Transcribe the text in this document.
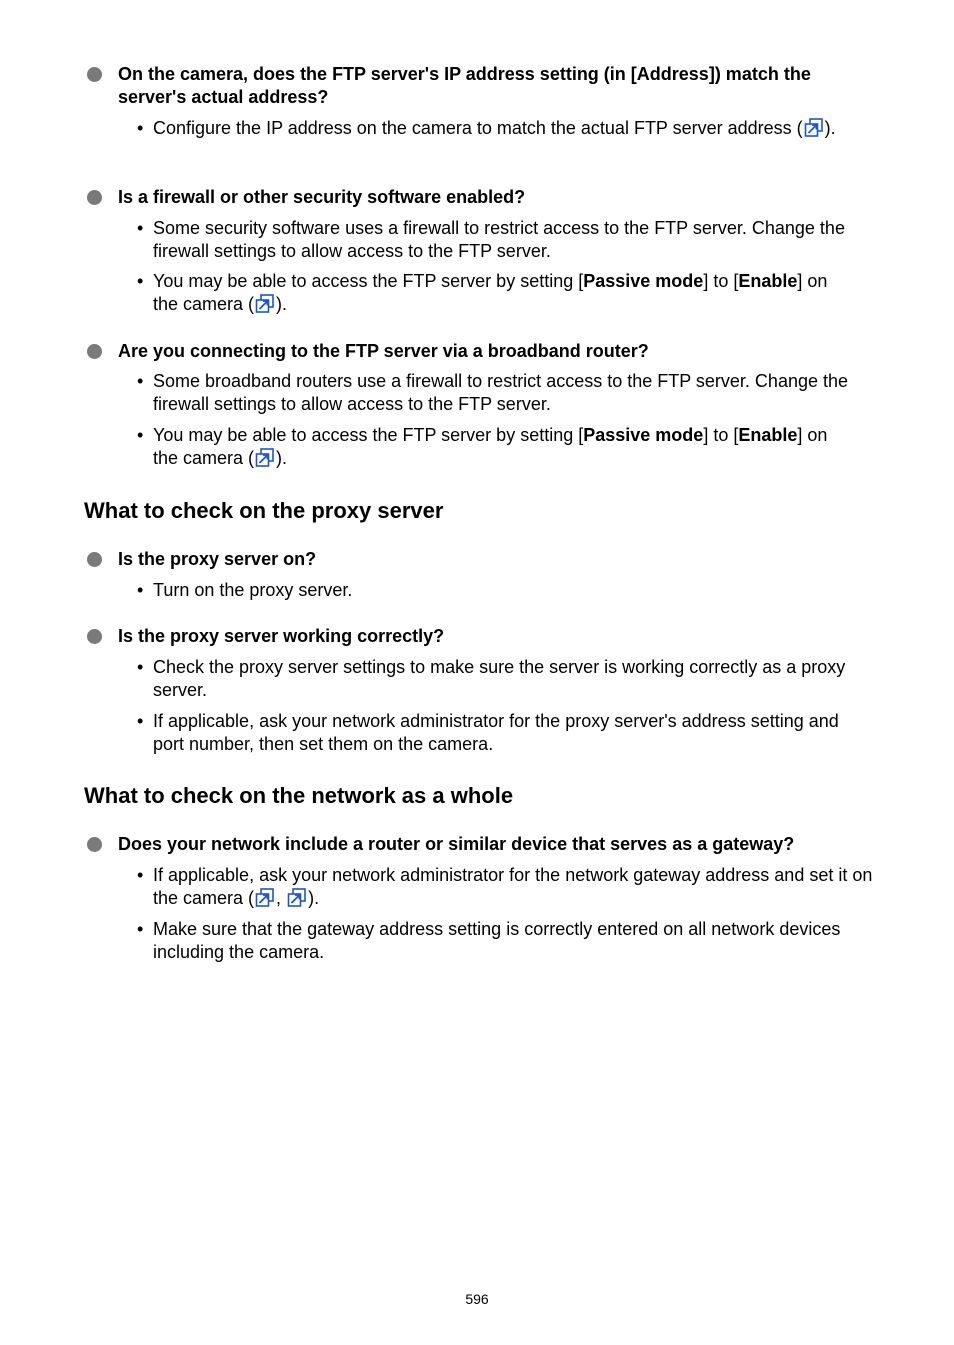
On the camera, does the FTP server's IP address setting (in [Address]) match the server's actual address?
• Configure the IP address on the camera to match the actual FTP server address ( ).
Is a firewall or other security software enabled?
• Some security software uses a firewall to restrict access to the FTP server. Change the firewall settings to allow access to the FTP server.
• You may be able to access the FTP server by setting [Passive mode] to [Enable] on the camera ( ).
Are you connecting to the FTP server via a broadband router?
• Some broadband routers use a firewall to restrict access to the FTP server. Change the firewall settings to allow access to the FTP server.
• You may be able to access the FTP server by setting [Passive mode] to [Enable] on the camera ( ).
What to check on the proxy server
Is the proxy server on?
• Turn on the proxy server.
Is the proxy server working correctly?
• Check the proxy server settings to make sure the server is working correctly as a proxy server.
• If applicable, ask your network administrator for the proxy server's address setting and port number, then set them on the camera.
What to check on the network as a whole
Does your network include a router or similar device that serves as a gateway?
• If applicable, ask your network administrator for the network gateway address and set it on the camera ( , ).
• Make sure that the gateway address setting is correctly entered on all network devices including the camera.
596
